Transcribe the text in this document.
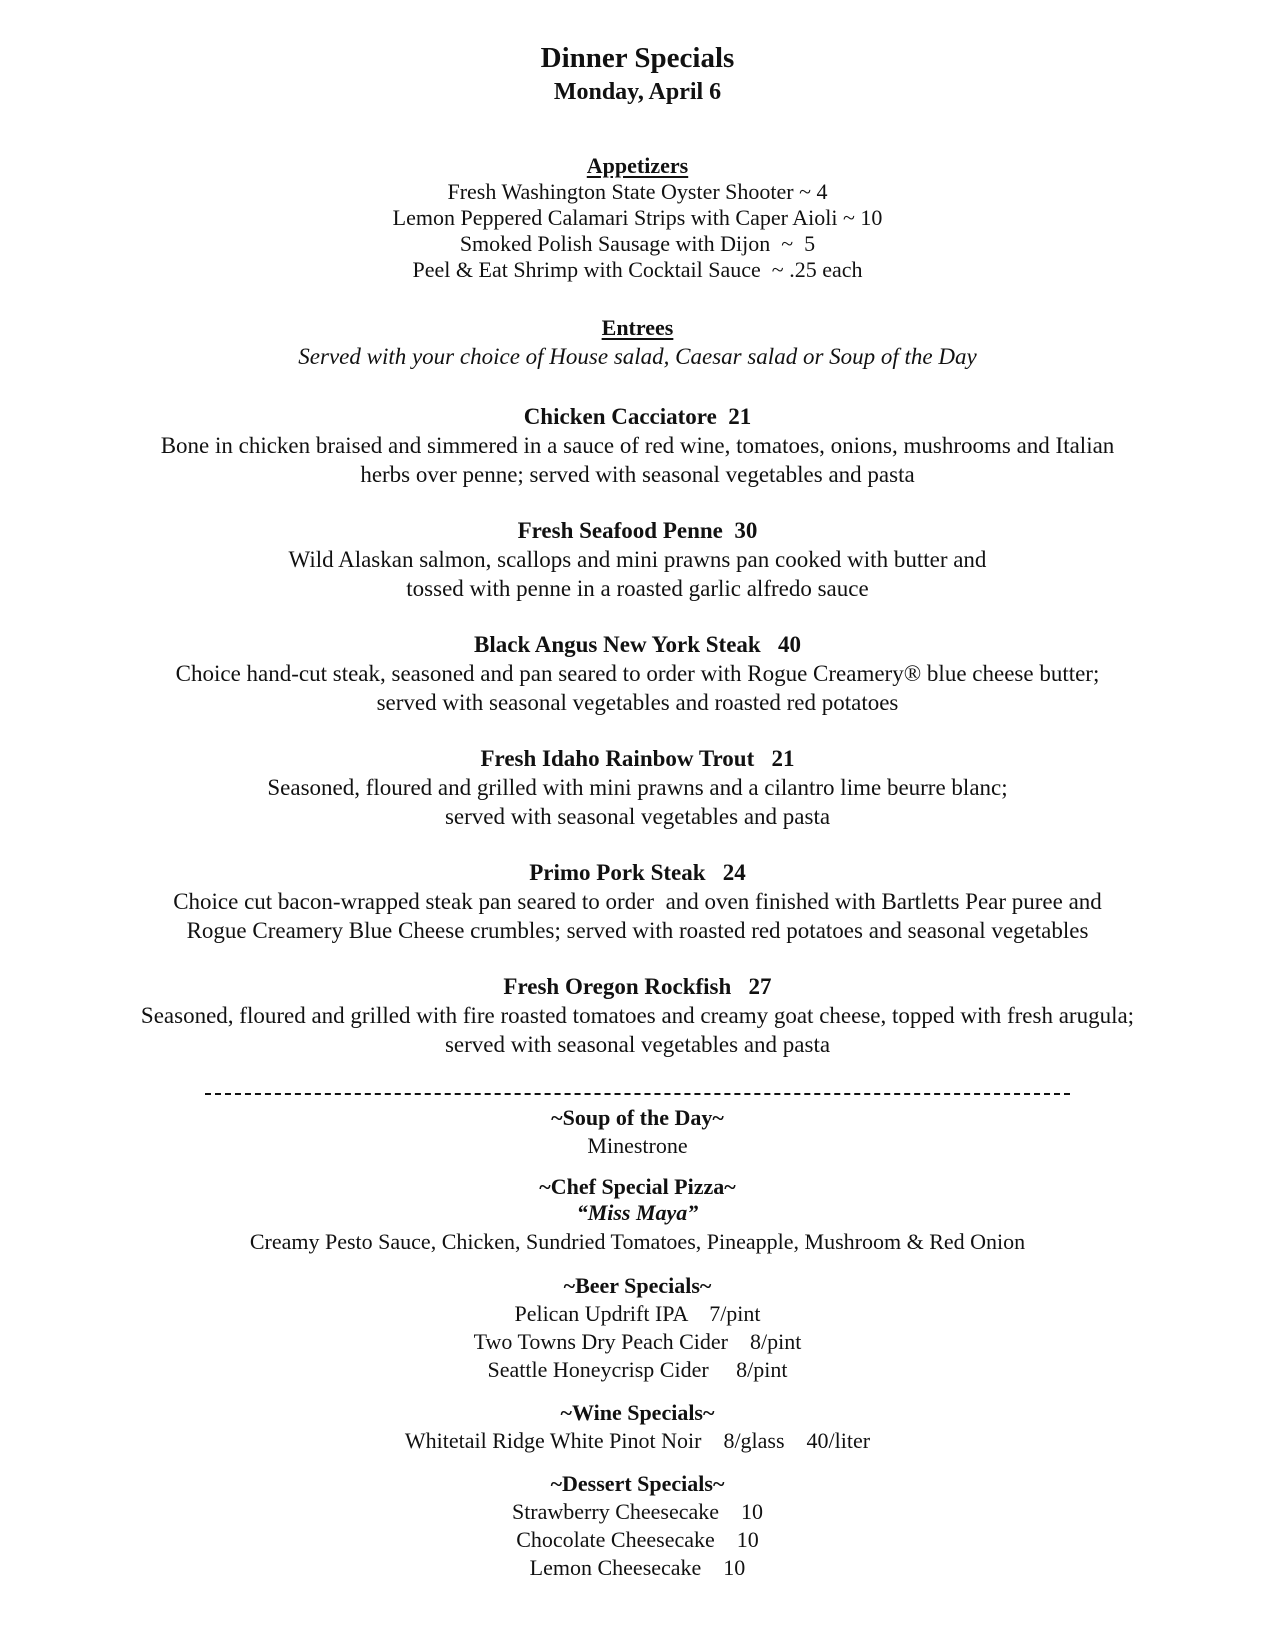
Dinner Specials
Monday, April 6
Appetizers
Fresh Washington State Oyster Shooter ~ 4
Lemon Peppered Calamari Strips with Caper Aioli ~ 10
Smoked Polish Sausage with Dijon  ~  5
Peel & Eat Shrimp with Cocktail Sauce  ~ .25 each
Entrees
Served with your choice of House salad, Caesar salad or Soup of the Day
Chicken Cacciatore  21
Bone in chicken braised and simmered in a sauce of red wine, tomatoes, onions, mushrooms and Italian
herbs over penne; served with seasonal vegetables and pasta
Fresh Seafood Penne  30
Wild Alaskan salmon, scallops and mini prawns pan cooked with butter and
tossed with penne in a roasted garlic alfredo sauce
Black Angus New York Steak   40
Choice hand-cut steak, seasoned and pan seared to order with Rogue Creamery® blue cheese butter;
served with seasonal vegetables and roasted red potatoes
Fresh Idaho Rainbow Trout   21
Seasoned, floured and grilled with mini prawns and a cilantro lime beurre blanc;
served with seasonal vegetables and pasta
Primo Pork Steak   24
Choice cut bacon-wrapped steak pan seared to order  and oven finished with Bartletts Pear puree and
Rogue Creamery Blue Cheese crumbles; served with roasted red potatoes and seasonal vegetables
Fresh Oregon Rockfish   27
Seasoned, floured and grilled with fire roasted tomatoes and creamy goat cheese, topped with fresh arugula;
served with seasonal vegetables and pasta
~Soup of the Day~
Minestrone
~Chef Special Pizza~
“Miss Maya”
Creamy Pesto Sauce, Chicken, Sundried Tomatoes, Pineapple, Mushroom & Red Onion
~Beer Specials~
Pelican Updrift IPA    7/pint
Two Towns Dry Peach Cider    8/pint
Seattle Honeycrisp Cider     8/pint
~Wine Specials~
Whitetail Ridge White Pinot Noir    8/glass    40/liter
~Dessert Specials~
Strawberry Cheesecake    10
Chocolate Cheesecake    10
Lemon Cheesecake    10
